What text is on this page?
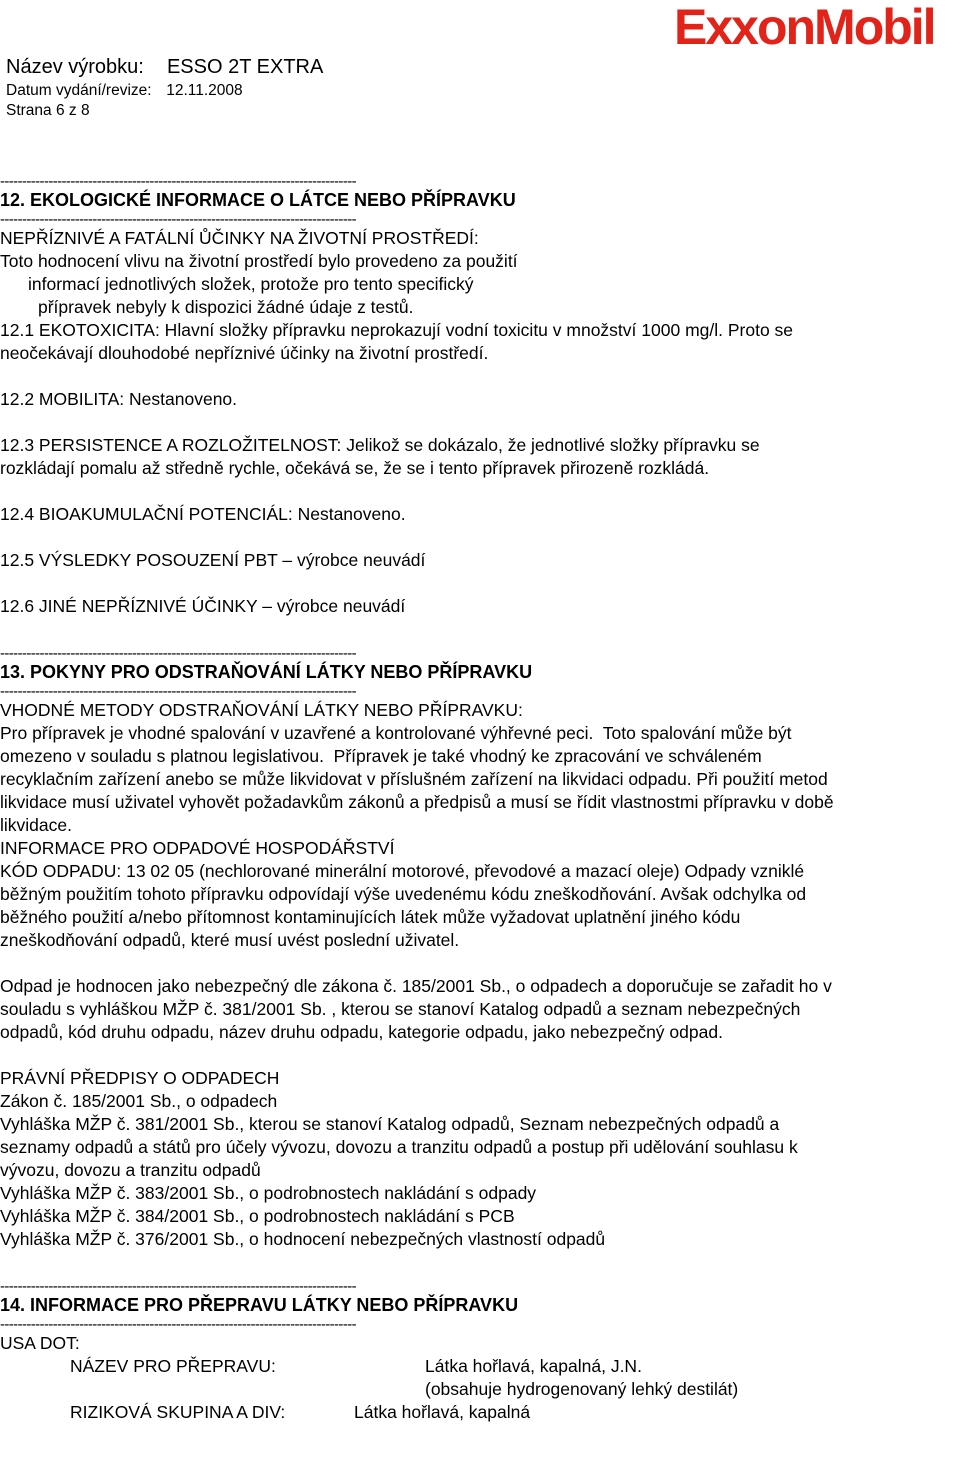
ExxonMobil
Název výrobku: ESSO 2T EXTRA
Datum vydání/revize: 12.11.2008
Strana 6 z 8
---------------------------------------------------------------------------------
12. EKOLOGICKÉ INFORMACE O LÁTCE NEBO PŘÍPRAVKU
---------------------------------------------------------------------------------
NEPŘÍZNIVÉ A FATÁLNÍ ŮČINKY NA ŽIVOTNÍ PROSTŘEDÍ:
Toto hodnocení vlivu na životní prostředí bylo provedeno za použití
informací jednotlivých složek, protože pro tento specifický
přípravek nebyly k dispozici žádné údaje z testů.
12.1 EKOTOXICITA: Hlavní složky přípravku neprokazují vodní toxicitu v množství 1000 mg/l. Proto se
neočekávají dlouhodobé nepříznivé účinky na životní prostředí.
12.2 MOBILITA: Nestanoveno.
12.3 PERSISTENCE A ROZLOŽITELNOST: Jelikož se dokázalo, že jednotlivé složky přípravku se
rozkládají pomalu až středně rychle, očekává se, že se i tento přípravek přirozeně rozkládá.
12.4 BIOAKUMULAČNÍ POTENCIÁL: Nestanoveno.
12.5 VÝSLEDKY POSOUZENÍ PBT – výrobce neuvádí
12.6 JINÉ NEPŘÍZNIVÉ ÚČINKY – výrobce neuvádí
---------------------------------------------------------------------------------
13. POKYNY PRO ODSTRAŇOVÁNÍ LÁTKY NEBO PŘÍPRAVKU
---------------------------------------------------------------------------------
VHODNÉ METODY ODSTRAŇOVÁNÍ LÁTKY NEBO PŘÍPRAVKU:
Pro přípravek je vhodné spalování v uzavřené a kontrolované výhřevné peci.  Toto spalování může být
omezeno v souladu s platnou legislativou.  Přípravek je také vhodný ke zpracování ve schváleném
recyklačním zařízení anebo se může likvidovat v příslušném zařízení na likvidaci odpadu. Při použití metod
likvidace musí uživatel vyhovět požadavkům zákonů a předpisů a musí se řídit vlastnostmi přípravku v době
likvidace.
INFORMACE PRO ODPADOVÉ HOSPODÁŘSTVÍ
KÓD ODPADU: 13 02 05 (nechlorované minerální motorové, převodové a mazací oleje) Odpady vzniklé
běžným použitím tohoto přípravku odpovídají výše uvedenému kódu zneškodňování. Avšak odchylka od
běžného použití a/nebo přítomnost kontaminujících látek může vyžadovat uplatnění jiného kódu
zneškodňování odpadů, které musí uvést poslední uživatel.
Odpad je hodnocen jako nebezpečný dle zákona č. 185/2001 Sb., o odpadech a doporučuje se zařadit ho v
souladu s vyhláškou MŽP č. 381/2001 Sb. , kterou se stanoví Katalog odpadů a seznam nebezpečných
odpadů, kód druhu odpadu, název druhu odpadu, kategorie odpadu, jako nebezpečný odpad.
PRÁVNÍ PŘEDPISY O ODPADECH
Zákon č. 185/2001 Sb., o odpadech
Vyhláška MŽP č. 381/2001 Sb., kterou se stanoví Katalog odpadů, Seznam nebezpečných odpadů a
seznamy odpadů a států pro účely vývozu, dovozu a tranzitu odpadů a postup při udělování souhlasu k
vývozu, dovozu a tranzitu odpadů
Vyhláška MŽP č. 383/2001 Sb., o podrobnostech nakládání s odpady
Vyhláška MŽP č. 384/2001 Sb., o podrobnostech nakládání s PCB
Vyhláška MŽP č. 376/2001 Sb., o hodnocení nebezpečných vlastností odpadů
---------------------------------------------------------------------------------
14. INFORMACE PRO PŘEPRAVU LÁTKY NEBO PŘÍPRAVKU
---------------------------------------------------------------------------------
USA DOT:
NÁZEV PRO PŘEPRAVU:	Látka hořlavá, kapalná, J.N.
(obsahuje hydrogenovaný lehký destilát)
RIZIKOVÁ SKUPINA A DIV:	Látka hořlavá, kapalná
